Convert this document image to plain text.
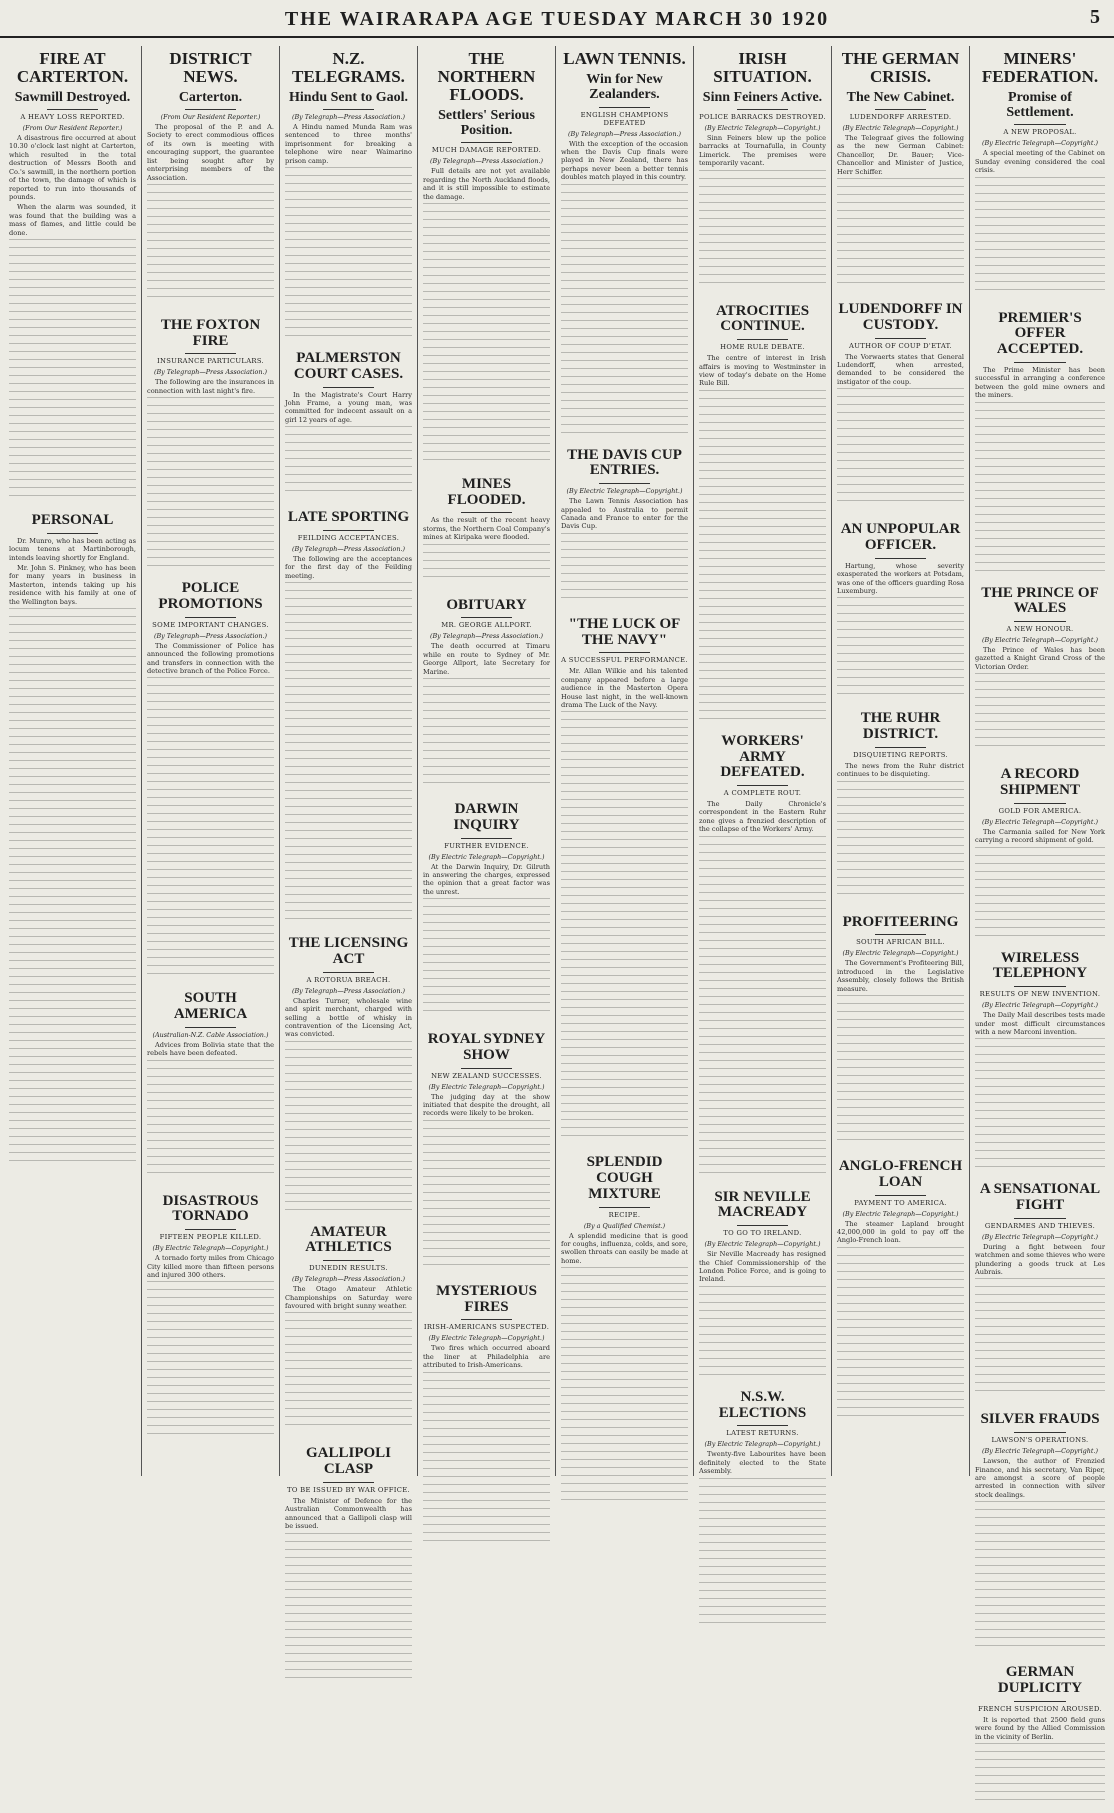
THE WAIRARAPA AGE TUESDAY MARCH 30 1920	5
FIRE AT CARTERTON.
Sawmill Destroyed.
A HEAVY LOSS REPORTED.
(From Our Resident Reporter.)

A disastrous fire occurred at about 10.30 o'clock last night at Carterton, which resulted in the total destruction of Messrs Booth and Co.'s sawmill, in the northern portion of the town, the damage of which is reported to run into thousands of pounds.

When the alarm was sounded, it was found that the building was a mass of flames, and little could be done.

PERSONAL

Dr. Munro, who has been acting as locum tenens at Martinborough, intends leaving shortly for England.

Mr. John S. Pinkney, who has been for many years in business in Masterton, intends taking up his residence with his family at one of the Wellington bays.

DISTRICT NEWS.
Carterton.
(From Our Resident Reporter.)

The proposal of the P. and A. Society to erect commodious offices of its own is meeting with encouraging support, the guarantee list being sought after by enterprising members of the Association.

THE FOXTON FIRE
INSURANCE PARTICULARS.
(By Telegraph—Press Association.)

The following are the insurances in connection with last night's fire.

POLICE PROMOTIONS
SOME IMPORTANT CHANGES.
(By Telegraph—Press Association.)

The Commissioner of Police has announced the following promotions and transfers in connection with the detective branch of the Police Force.

SOUTH AMERICA
(Australian-N.Z. Cable Association.)

Advices from Bolivia state that the rebels have been defeated.

DISASTROUS TORNADO
FIFTEEN PEOPLE KILLED.
(By Electric Telegraph—Copyright.)

A tornado forty miles from Chicago City killed more than fifteen persons and injured 300 others.

N.Z. TELEGRAMS.
Hindu Sent to Gaol.
(By Telegraph—Press Association.)

A Hindu named Munda Ram was sentenced to three months' imprisonment for breaking a telephone wire near Waimarino prison camp.

PALMERSTON COURT CASES.

In the Magistrate's Court Harry John Frame, a young man, was committed for indecent assault on a girl 12 years of age.

LATE SPORTING
FEILDING ACCEPTANCES.
(By Telegraph—Press Association.)

The following are the acceptances for the first day of the Feilding meeting.

THE LICENSING ACT
A ROTORUA BREACH.
(By Telegraph—Press Association.)

Charles Turner, wholesale wine and spirit merchant, charged with selling a bottle of whisky in contravention of the Licensing Act, was convicted.

AMATEUR ATHLETICS
DUNEDIN RESULTS.
(By Telegraph—Press Association.)

The Otago Amateur Athletic Championships on Saturday were favoured with bright sunny weather.

GALLIPOLI CLASP
TO BE ISSUED BY WAR OFFICE.

The Minister of Defence for the Australian Commonwealth has announced that a Gallipoli clasp will be issued.

THE NORTHERN FLOODS.
Settlers' Serious Position.
MUCH DAMAGE REPORTED.
(By Telegraph—Press Association.)

Full details are not yet available regarding the North Auckland floods, and it is still impossible to estimate the damage.

MINES FLOODED.

As the result of the recent heavy storms, the Northern Coal Company's mines at Kiripaka were flooded.

OBITUARY
MR. GEORGE ALLPORT.
(By Telegraph—Press Association.)

The death occurred at Timaru while en route to Sydney of Mr. George Allport, late Secretary for Marine.

DARWIN INQUIRY
FURTHER EVIDENCE.
(By Electric Telegraph—Copyright.)

At the Darwin Inquiry, Dr. Gilruth in answering the charges, expressed the opinion that a great factor was the unrest.

ROYAL SYDNEY SHOW
NEW ZEALAND SUCCESSES.
(By Electric Telegraph—Copyright.)

The judging day at the show initiated that despite the drought, all records were likely to be broken.

MYSTERIOUS FIRES
IRISH-AMERICANS SUSPECTED.
(By Electric Telegraph—Copyright.)

Two fires which occurred aboard the liner at Philadelphia are attributed to Irish-Americans.

LAWN TENNIS.
Win for New Zealanders.
ENGLISH CHAMPIONS DEFEATED
(By Telegraph—Press Association.)

With the exception of the occasion when the Davis Cup finals were played in New Zealand, there has perhaps never been a better tennis doubles match played in this country.

THE DAVIS CUP ENTRIES.
(By Electric Telegraph—Copyright.)

The Lawn Tennis Association has appealed to Australia to permit Canada and France to enter for the Davis Cup.

"THE LUCK OF THE NAVY"
A SUCCESSFUL PERFORMANCE.

Mr. Allan Wilkie and his talented company appeared before a large audience in the Masterton Opera House last night, in the well-known drama The Luck of the Navy.

SPLENDID COUGH MIXTURE
RECIPE.
(By a Qualified Chemist.)

A splendid medicine that is good for coughs, influenza, colds, and sore, swollen throats can easily be made at home.

IRISH SITUATION.
Sinn Feiners Active.
POLICE BARRACKS DESTROYED.
(By Electric Telegraph—Copyright.)

Sinn Feiners blew up the police barracks at Tournafulla, in County Limerick. The premises were temporarily vacant.

ATROCITIES CONTINUE.
HOME RULE DEBATE.

The centre of interest in Irish affairs is moving to Westminster in view of today's debate on the Home Rule Bill.

WORKERS' ARMY DEFEATED.
A COMPLETE ROUT.

The Daily Chronicle's correspondent in the Eastern Ruhr zone gives a frenzied description of the collapse of the Workers' Army.

SIR NEVILLE MACREADY
TO GO TO IRELAND.
(By Electric Telegraph—Copyright.)

Sir Neville Macready has resigned the Chief Commissionership of the London Police Force, and is going to Ireland.

N.S.W. ELECTIONS
LATEST RETURNS.
(By Electric Telegraph—Copyright.)

Twenty-five Labourites have been definitely elected to the State Assembly.

THE GERMAN CRISIS.
The New Cabinet.
LUDENDORFF ARRESTED.
(By Electric Telegraph—Copyright.)

The Telegraaf gives the following as the new German Cabinet: Chancellor, Dr. Bauer; Vice-Chancellor and Minister of Justice, Herr Schiffer.

LUDENDORFF IN CUSTODY.
AUTHOR OF COUP D'ETAT.

The Vorwaerts states that General Ludendorff, when arrested, demanded to be considered the instigator of the coup.

AN UNPOPULAR OFFICER.

Hartung, whose severity exasperated the workers at Potsdam, was one of the officers guarding Rosa Luxemburg.

THE RUHR DISTRICT.
DISQUIETING REPORTS.

The news from the Ruhr district continues to be disquieting.

PROFITEERING
SOUTH AFRICAN BILL.
(By Electric Telegraph—Copyright.)

The Government's Profiteering Bill, introduced in the Legislative Assembly, closely follows the British measure.

ANGLO-FRENCH LOAN
PAYMENT TO AMERICA.
(By Electric Telegraph—Copyright.)

The steamer Lapland brought 42,000,000 in gold to pay off the Anglo-French loan.

MINERS' FEDERATION.
Promise of Settlement.
A NEW PROPOSAL.
(By Electric Telegraph—Copyright.)

A special meeting of the Cabinet on Sunday evening considered the coal crisis.

PREMIER'S OFFER ACCEPTED.

The Prime Minister has been successful in arranging a conference between the gold mine owners and the miners.

THE PRINCE OF WALES
A NEW HONOUR.
(By Electric Telegraph—Copyright.)

The Prince of Wales has been gazetted a Knight Grand Cross of the Victorian Order.

A RECORD SHIPMENT
GOLD FOR AMERICA.
(By Electric Telegraph—Copyright.)

The Carmania sailed for New York carrying a record shipment of gold.

WIRELESS TELEPHONY
RESULTS OF NEW INVENTION.
(By Electric Telegraph—Copyright.)

The Daily Mail describes tests made under most difficult circumstances with a new Marconi invention.

A SENSATIONAL FIGHT
GENDARMES AND THIEVES.
(By Electric Telegraph—Copyright.)

During a fight between four watchmen and some thieves who were plundering a goods truck at Les Aubrais.

SILVER FRAUDS
LAWSON'S OPERATIONS.
(By Electric Telegraph—Copyright.)

Lawson, the author of Frenzied Finance, and his secretary, Van Riper, are amongst a score of people arrested in connection with silver stock dealings.

GERMAN DUPLICITY
FRENCH SUSPICION AROUSED.

It is reported that 2500 field guns were found by the Allied Commission in the vicinity of Berlin.
